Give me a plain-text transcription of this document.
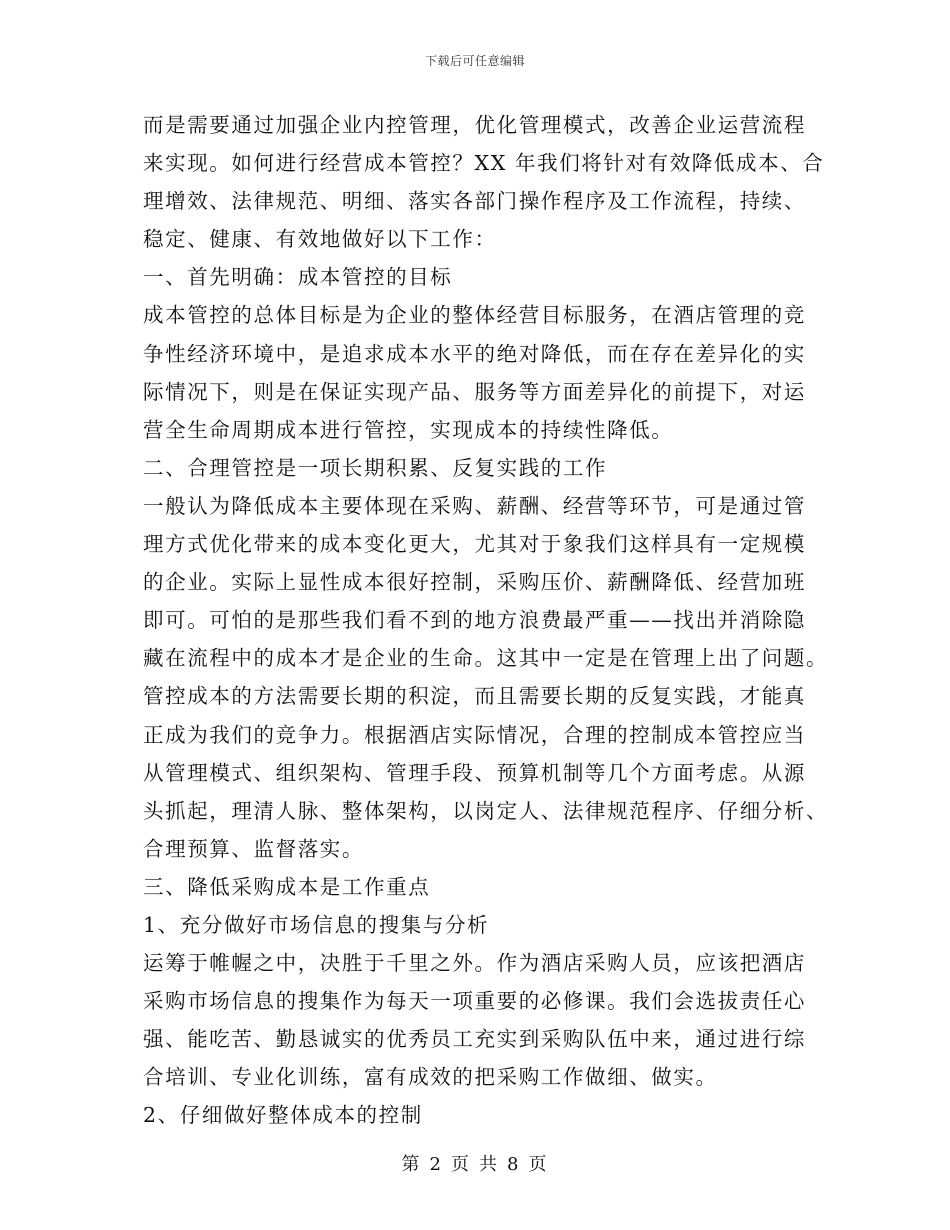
下载后可任意编辑
而是需要通过加强企业内控管理，优化管理模式，改善企业运营流程
来实现。如何进行经营成本管控？XX 年我们将针对有效降低成本、合
理增效、法律规范、明细、落实各部门操作程序及工作流程，持续、
稳定、健康、有效地做好以下工作：
一、首先明确：成本管控的目标
成本管控的总体目标是为企业的整体经营目标服务，在酒店管理的竞
争性经济环境中，是追求成本水平的绝对降低，而在存在差异化的实
际情况下，则是在保证实现产品、服务等方面差异化的前提下，对运
营全生命周期成本进行管控，实现成本的持续性降低。
二、合理管控是一项长期积累、反复实践的工作
一般认为降低成本主要体现在采购、薪酬、经营等环节，可是通过管
理方式优化带来的成本变化更大，尤其对于象我们这样具有一定规模
的企业。实际上显性成本很好控制，采购压价、薪酬降低、经营加班
即可。可怕的是那些我们看不到的地方浪费最严重——找出并消除隐
藏在流程中的成本才是企业的生命。这其中一定是在管理上出了问题。
管控成本的方法需要长期的积淀，而且需要长期的反复实践，才能真
正成为我们的竞争力。根据酒店实际情况，合理的控制成本管控应当
从管理模式、组织架构、管理手段、预算机制等几个方面考虑。从源
头抓起，理清人脉、整体架构，以岗定人、法律规范程序、仔细分析、
合理预算、监督落实。
三、降低采购成本是工作重点
1、充分做好市场信息的搜集与分析
运筹于帷幄之中，决胜于千里之外。作为酒店采购人员，应该把酒店
采购市场信息的搜集作为每天一项重要的必修课。我们会选拔责任心
强、能吃苦、勤恳诚实的优秀员工充实到采购队伍中来，通过进行综
合培训、专业化训练，富有成效的把采购工作做细、做实。
2、仔细做好整体成本的控制
第 2 页 共 8 页
